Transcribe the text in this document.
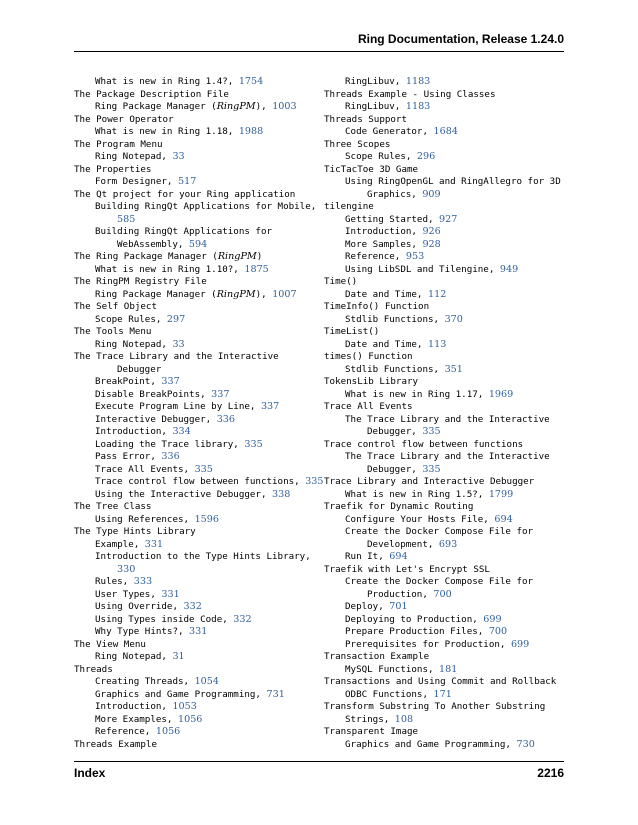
Ring Documentation, Release 1.24.0
What is new in Ring 1.4?, 1754
The Package Description File
Ring Package Manager (RingPM), 1003
The Power Operator
What is new in Ring 1.18, 1988
The Program Menu
Ring Notepad, 33
The Properties
Form Designer, 517
The Qt project for your Ring application
Building RingQt Applications for Mobile,
585
Building RingQt Applications for
WebAssembly, 594
The Ring Package Manager (RingPM)
What is new in Ring 1.10?, 1875
The RingPM Registry File
Ring Package Manager (RingPM), 1007
The Self Object
Scope Rules, 297
The Tools Menu
Ring Notepad, 33
The Trace Library and the Interactive
Debugger
BreakPoint, 337
Disable BreakPoints, 337
Execute Program Line by Line, 337
Interactive Debugger, 336
Introduction, 334
Loading the Trace library, 335
Pass Error, 336
Trace All Events, 335
Trace control flow between functions, 335
Using the Interactive Debugger, 338
The Tree Class
Using References, 1596
The Type Hints Library
Example, 331
Introduction to the Type Hints Library,
330
Rules, 333
User Types, 331
Using Override, 332
Using Types inside Code, 332
Why Type Hints?, 331
The View Menu
Ring Notepad, 31
Threads
Creating Threads, 1054
Graphics and Game Programming, 731
Introduction, 1053
More Examples, 1056
Reference, 1056
Threads Example
RingLibuv, 1183
Threads Example - Using Classes
RingLibuv, 1183
Threads Support
Code Generator, 1684
Three Scopes
Scope Rules, 296
TicTacToe 3D Game
Using RingOpenGL and RingAllegro for 3D
Graphics, 909
tilengine
Getting Started, 927
Introduction, 926
More Samples, 928
Reference, 953
Using LibSDL and Tilengine, 949
Time()
Date and Time, 112
TimeInfo() Function
Stdlib Functions, 370
TimeList()
Date and Time, 113
times() Function
Stdlib Functions, 351
TokensLib Library
What is new in Ring 1.17, 1969
Trace All Events
The Trace Library and the Interactive
Debugger, 335
Trace control flow between functions
The Trace Library and the Interactive
Debugger, 335
Trace Library and Interactive Debugger
What is new in Ring 1.5?, 1799
Traefik for Dynamic Routing
Configure Your Hosts File, 694
Create the Docker Compose File for
Development, 693
Run It, 694
Traefik with Let's Encrypt SSL
Create the Docker Compose File for
Production, 700
Deploy, 701
Deploying to Production, 699
Prepare Production Files, 700
Prerequisites for Production, 699
Transaction Example
MySQL Functions, 181
Transactions and Using Commit and Rollback
ODBC Functions, 171
Transform Substring To Another Substring
Strings, 108
Transparent Image
Graphics and Game Programming, 730
Index	2216
